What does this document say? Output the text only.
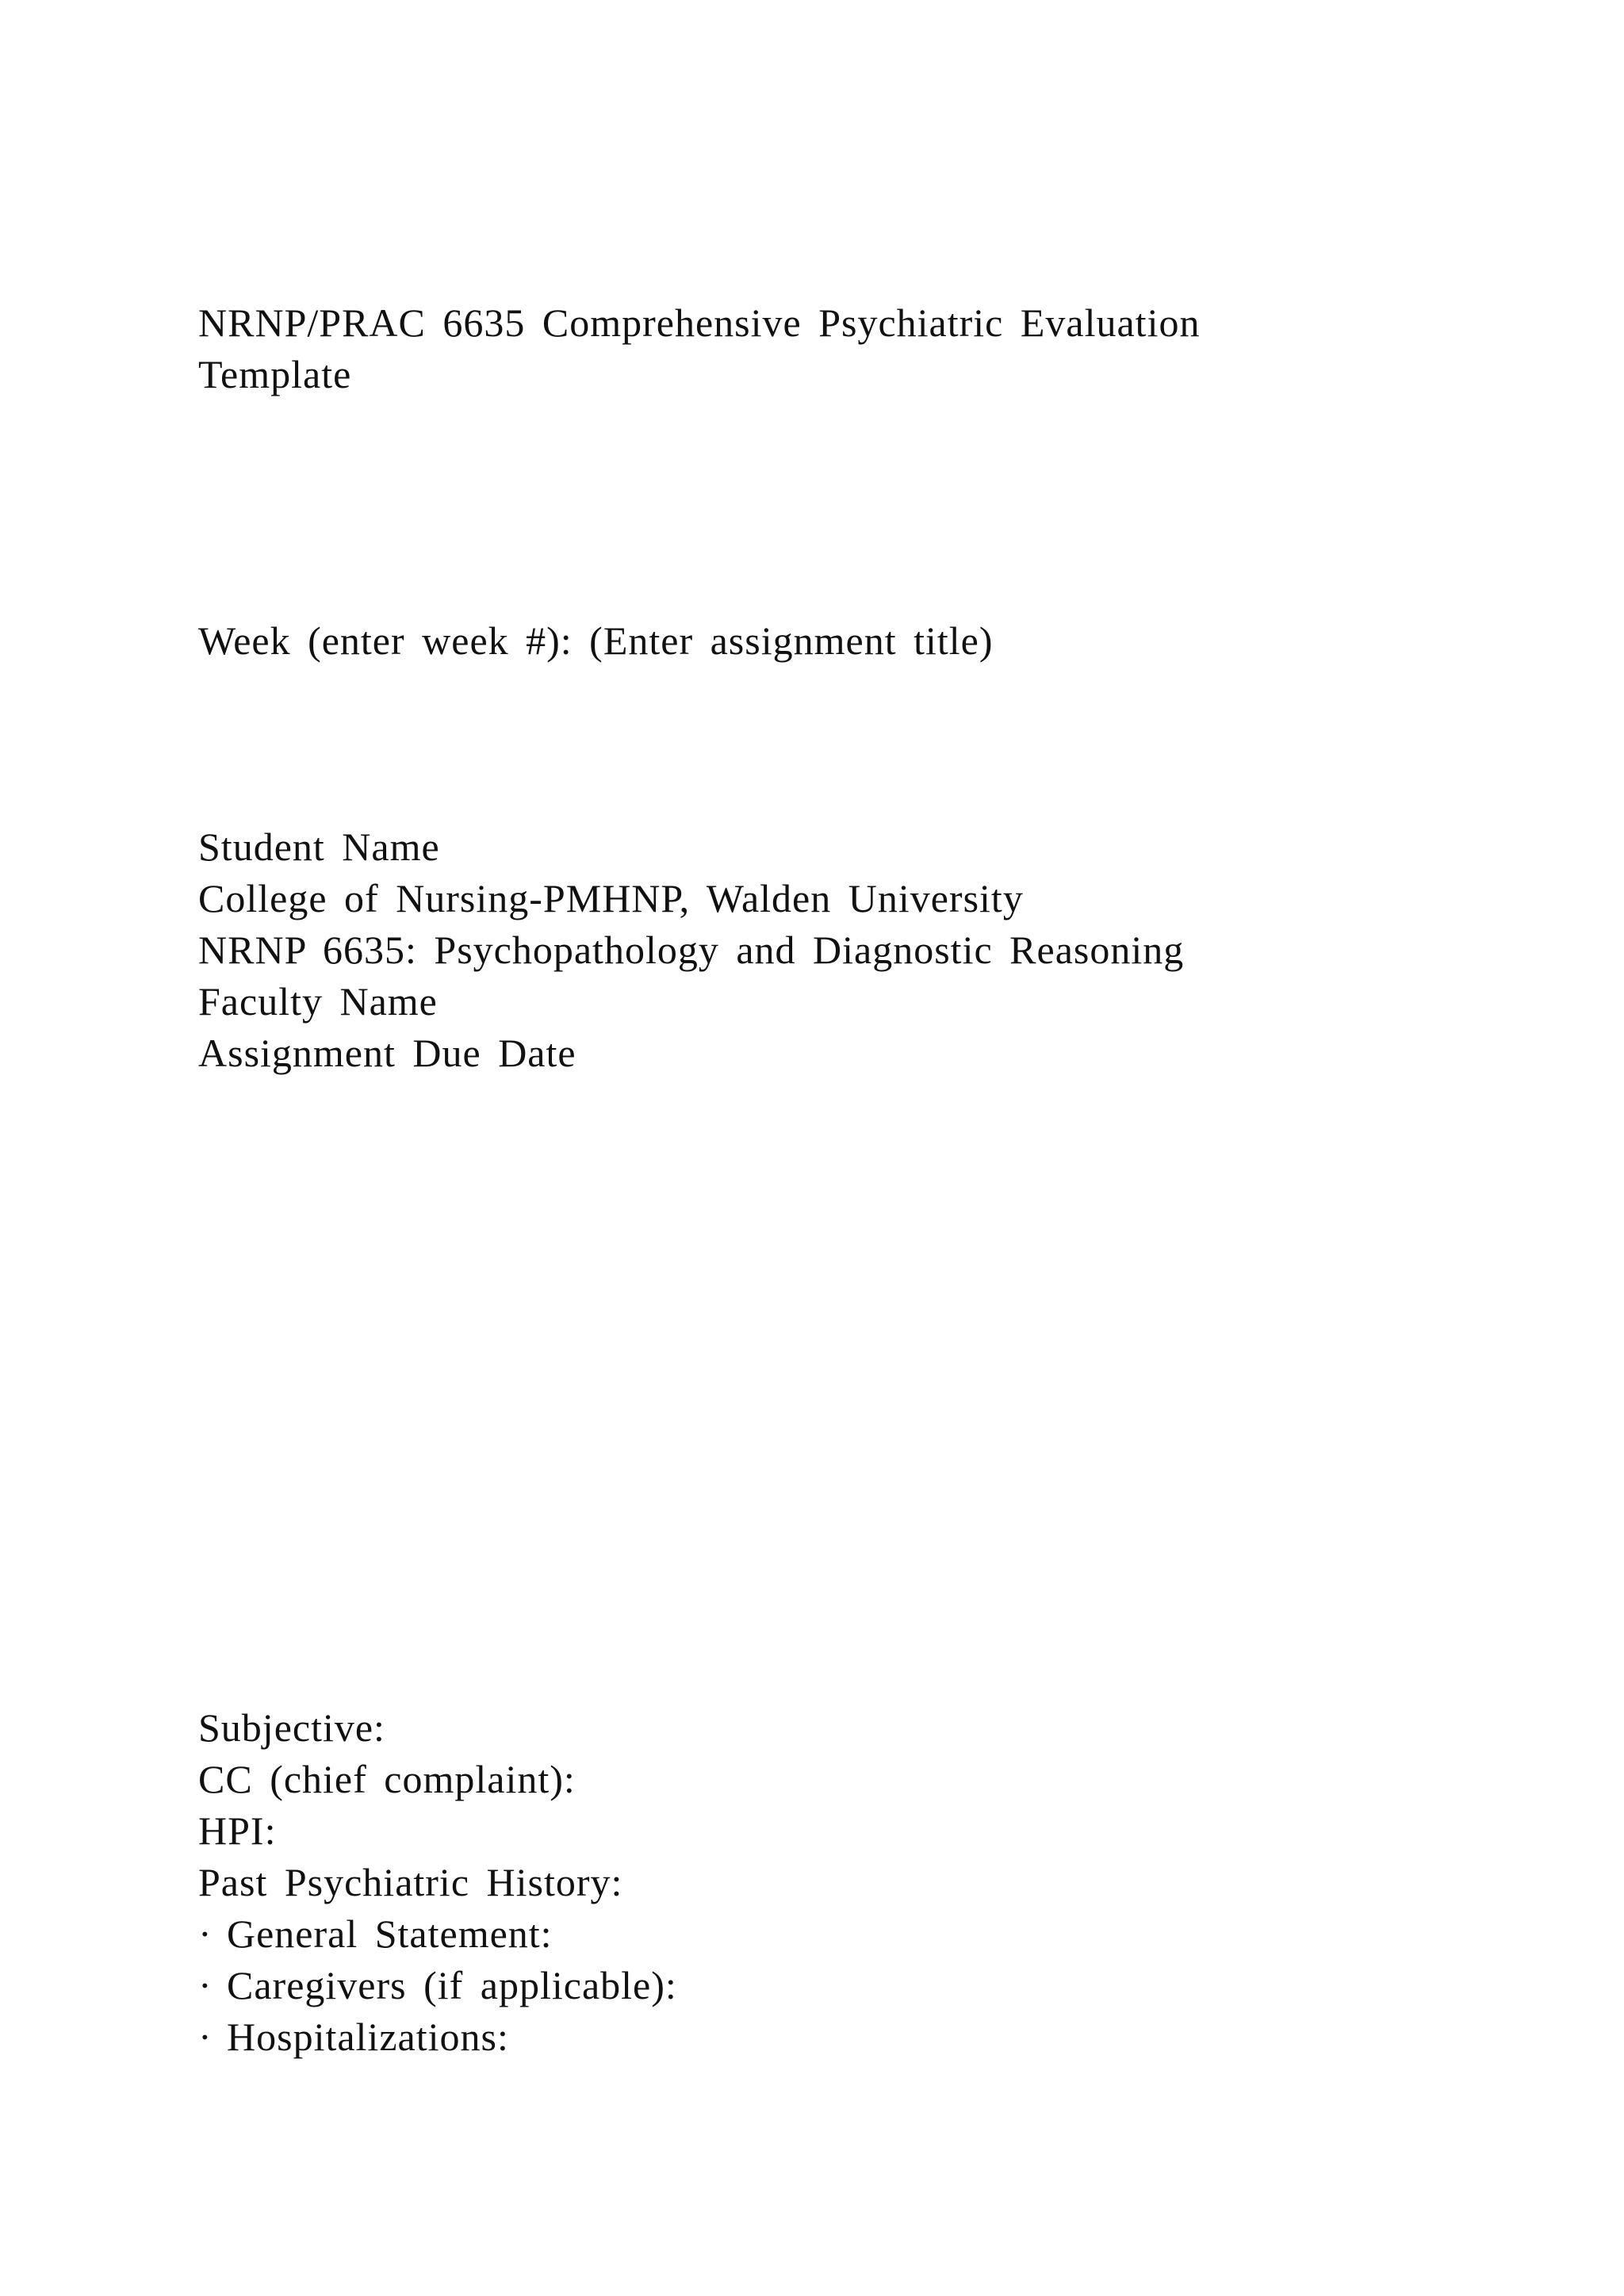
NRNP/PRAC 6635 Comprehensive Psychiatric Evaluation
Template
Week (enter week #): (Enter assignment title)
Student Name
College of Nursing-PMHNP, Walden University
NRNP 6635: Psychopathology and Diagnostic Reasoning
Faculty Name
Assignment Due Date
Subjective:
CC (chief complaint):
HPI:
Past Psychiatric History:
· General Statement:
· Caregivers (if applicable):
· Hospitalizations:
